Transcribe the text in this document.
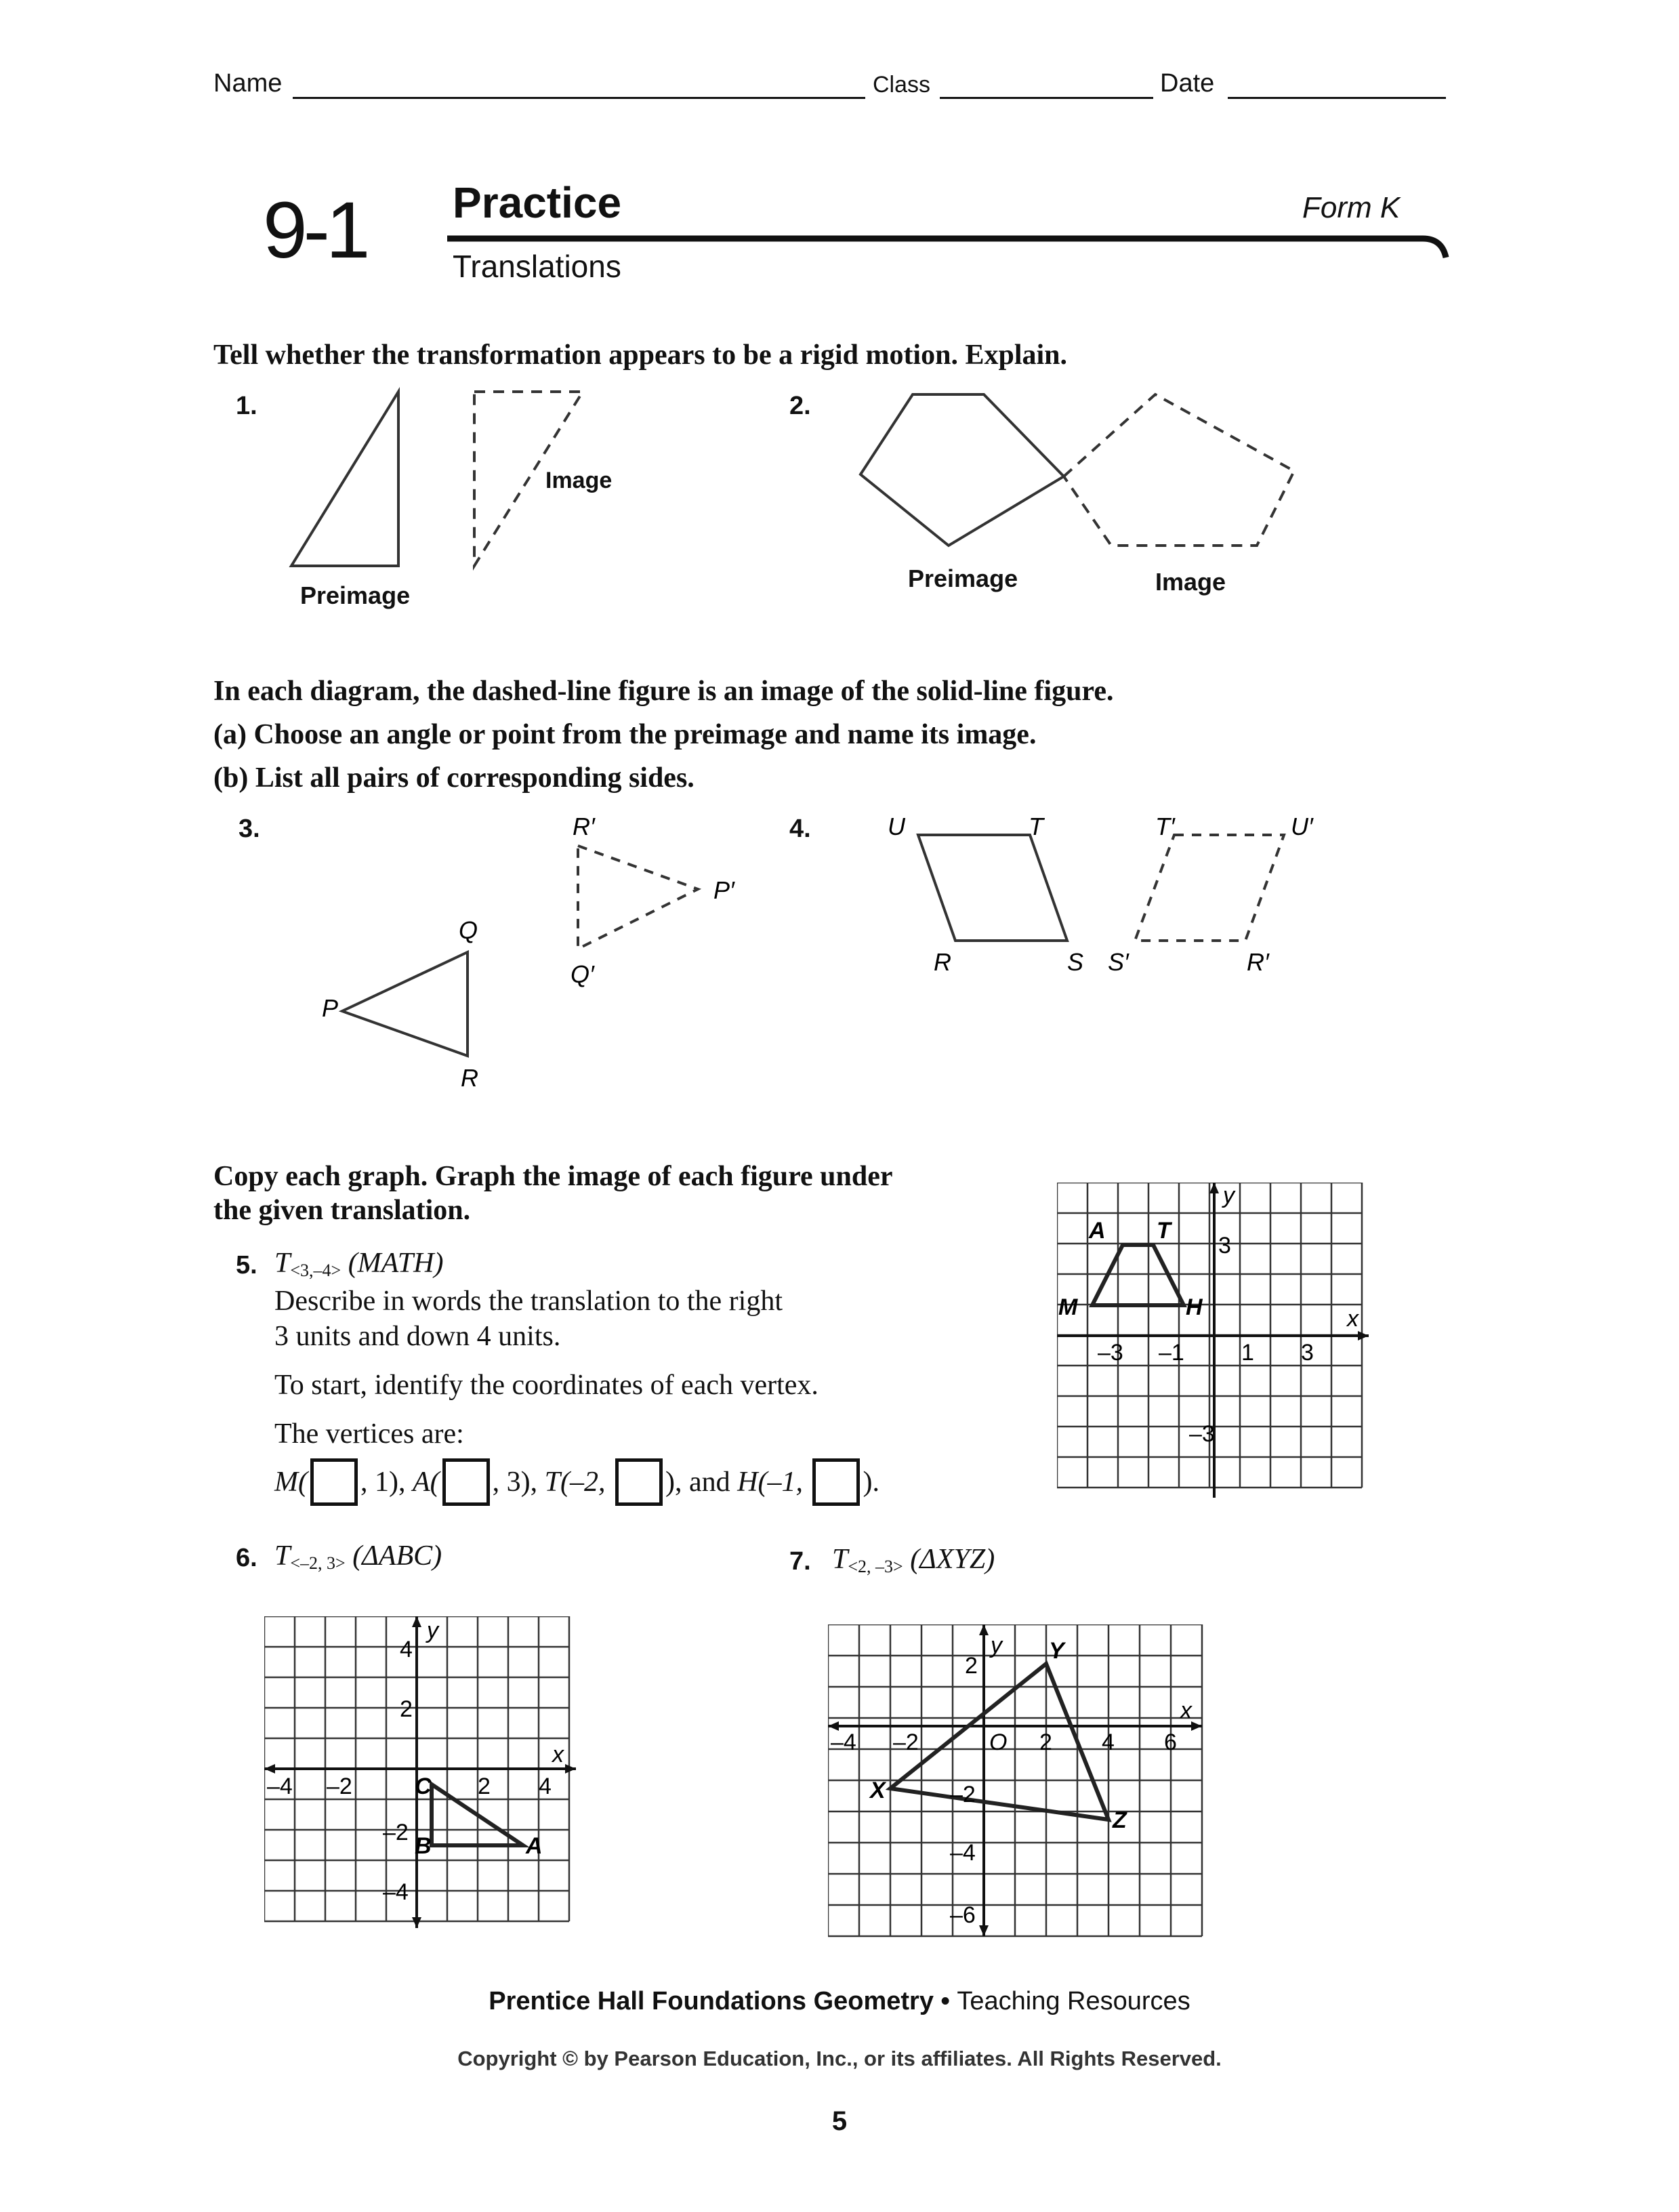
Name	Class	Date
9-1 Practice	Form K
Translations
Tell whether the transformation appears to be a rigid motion. Explain.
1.	2.
Image
Preimage
Preimage	Image
In each diagram, the dashed-line figure is an image of the solid-line figure.
(a) Choose an angle or point from the preimage and name its image.
(b) List all pairs of corresponding sides.
3.	4.
Q
P
R
R′
P′
Q′
U	T
R	S
T′	U′
S′	R′
Copy each graph. Graph the image of each figure under
the given translation.
5. $T_{<3,-4>}$ (MATH)
Describe in words the translation to the right
3 units and down 4 units.
To start, identify the coordinates of each vertex.
The vertices are:
M( , 1), A( , 3), T(–2, ), and H(–1, ).
A T
M	H
y
x
–3 –1 1 3
3
–3
6. $T_{<-2, 3>}$ (ΔABC)
y
x
C
B	A
–4 –2	2 4
4
2
–2
–4
7. $T_{<2, -3>}$ (ΔXYZ)
y
x
O
X
Y
Z
–4 –2	2 4 6
2
–2
–4
–6
Prentice Hall Foundations Geometry • Teaching Resources
Copyright © by Pearson Education, Inc., or its affiliates. All Rights Reserved.
5
